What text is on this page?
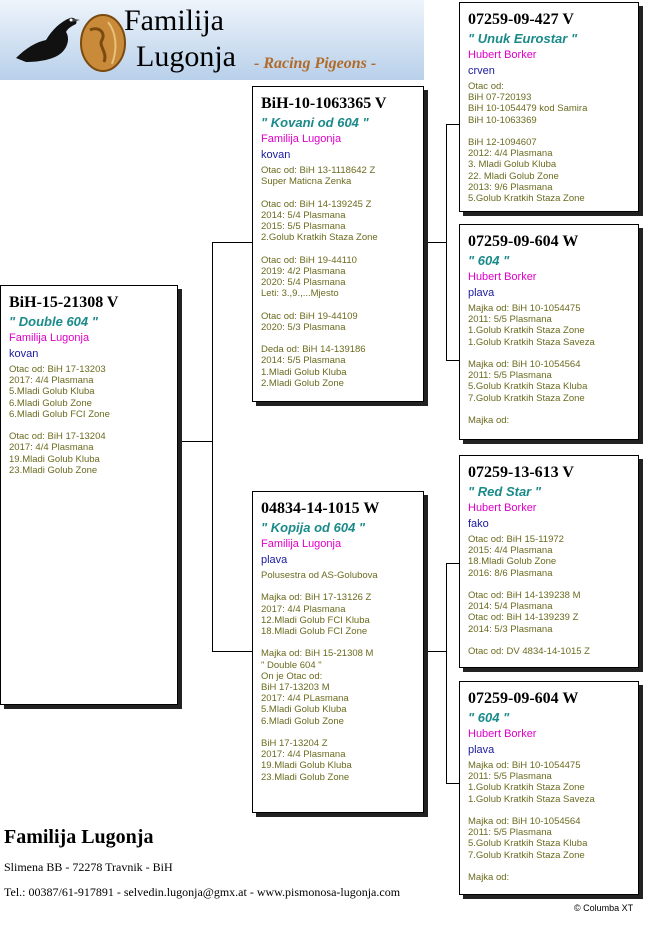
Familija
Lugonja - Racing Pigeons -
BiH-15-21308 V
" Double 604 "
Familija Lugonja
kovan
Otac od: BiH 17-13203
2017: 4/4 Plasmana
5.Mladi Golub Kluba
6.Mladi Golub Zone
6.Mladi Golub FCI Zone

Otac od: BiH 17-13204
2017: 4/4 Plasmana
19.Mladi Golub Kluba
23.Mladi Golub Zone
BiH-10-1063365 V
" Kovani od 604 "
Familija Lugonja
kovan
Otac od: BiH 13-1118642 Z
Super Maticna Zenka

Otac od: BiH 14-139245 Z
2014: 5/4 Plasmana
2015: 5/5 Plasmana
2.Golub Kratkih Staza Zone

Otac od: BiH 19-44110
2019: 4/2 Plasmana
2020: 5/4 Plasmana
Leti: 3.,9.,...Mjesto

Otac od: BiH 19-44109
2020: 5/3 Plasmana

Deda od: BiH 14-139186
2014: 5/5 Plasmana
1.Mladi Golub Kluba
2.Mladi Golub Zone
04834-14-1015 W
" Kopija od 604 "
Familija Lugonja
plava
Polusestra od AS-Golubova

Majka od: BiH 17-13126 Z
2017: 4/4 Plasmana
12.Mladi Golub FCI Kluba
18.Mladi Golub FCI Zone

Majka od: BiH 15-21308 M
" Double 604 "
On je Otac od:
BiH 17-13203 M
2017: 4/4 PLasmana
5.Mladi Golub Kluba
6.Mladi Golub Zone

BiH 17-13204 Z
2017: 4/4 Plasmana
19.Mladi Golub Kluba
23.Mladi Golub Zone
07259-09-427 V
" Unuk Eurostar "
Hubert Borker
crven
Otac od:
BiH 07-720193
BiH 10-1054479 kod Samira
BiH 10-1063369

BiH 12-1094607
2012: 4/4 Plasmana
3. Mladi Golub Kluba
22. Mladi Golub Zone
2013: 9/6 Plasmana
5.Golub Kratkih Staza Zone
07259-09-604 W
" 604 "
Hubert Borker
plava
Majka od: BiH 10-1054475
2011: 5/5 Plasmana
1.Golub Kratkih Staza Zone
1.Golub Kratkih Staza Saveza

Majka od: BiH 10-1054564
2011: 5/5 Plasmana
5.Golub Kratkih Staza Kluba
7.Golub Kratkih Staza Zone

Majka od:
07259-13-613 V
" Red Star "
Hubert Borker
fako
Otac od: BiH 15-11972
2015: 4/4 Plasmana
18.Mladi Golub Zone
2016: 8/6 Plasmana

Otac od: BiH 14-139238 M
2014: 5/4 Plasmana
Otac od: BiH 14-139239 Z
2014: 5/3 Plasmana

Otac od: DV 4834-14-1015 Z
07259-09-604 W
" 604 "
Hubert Borker
plava
Majka od: BiH 10-1054475
2011: 5/5 Plasmana
1.Golub Kratkih Staza Zone
1.Golub Kratkih Staza Saveza

Majka od: BiH 10-1054564
2011: 5/5 Plasmana
5.Golub Kratkih Staza Kluba
7.Golub Kratkih Staza Zone

Majka od:
Familija Lugonja
Slimena BB - 72278 Travnik - BiH
Tel.: 00387/61-917891 - selvedin.lugonja@gmx.at - www.pismonosa-lugonja.com
© Columba XT
